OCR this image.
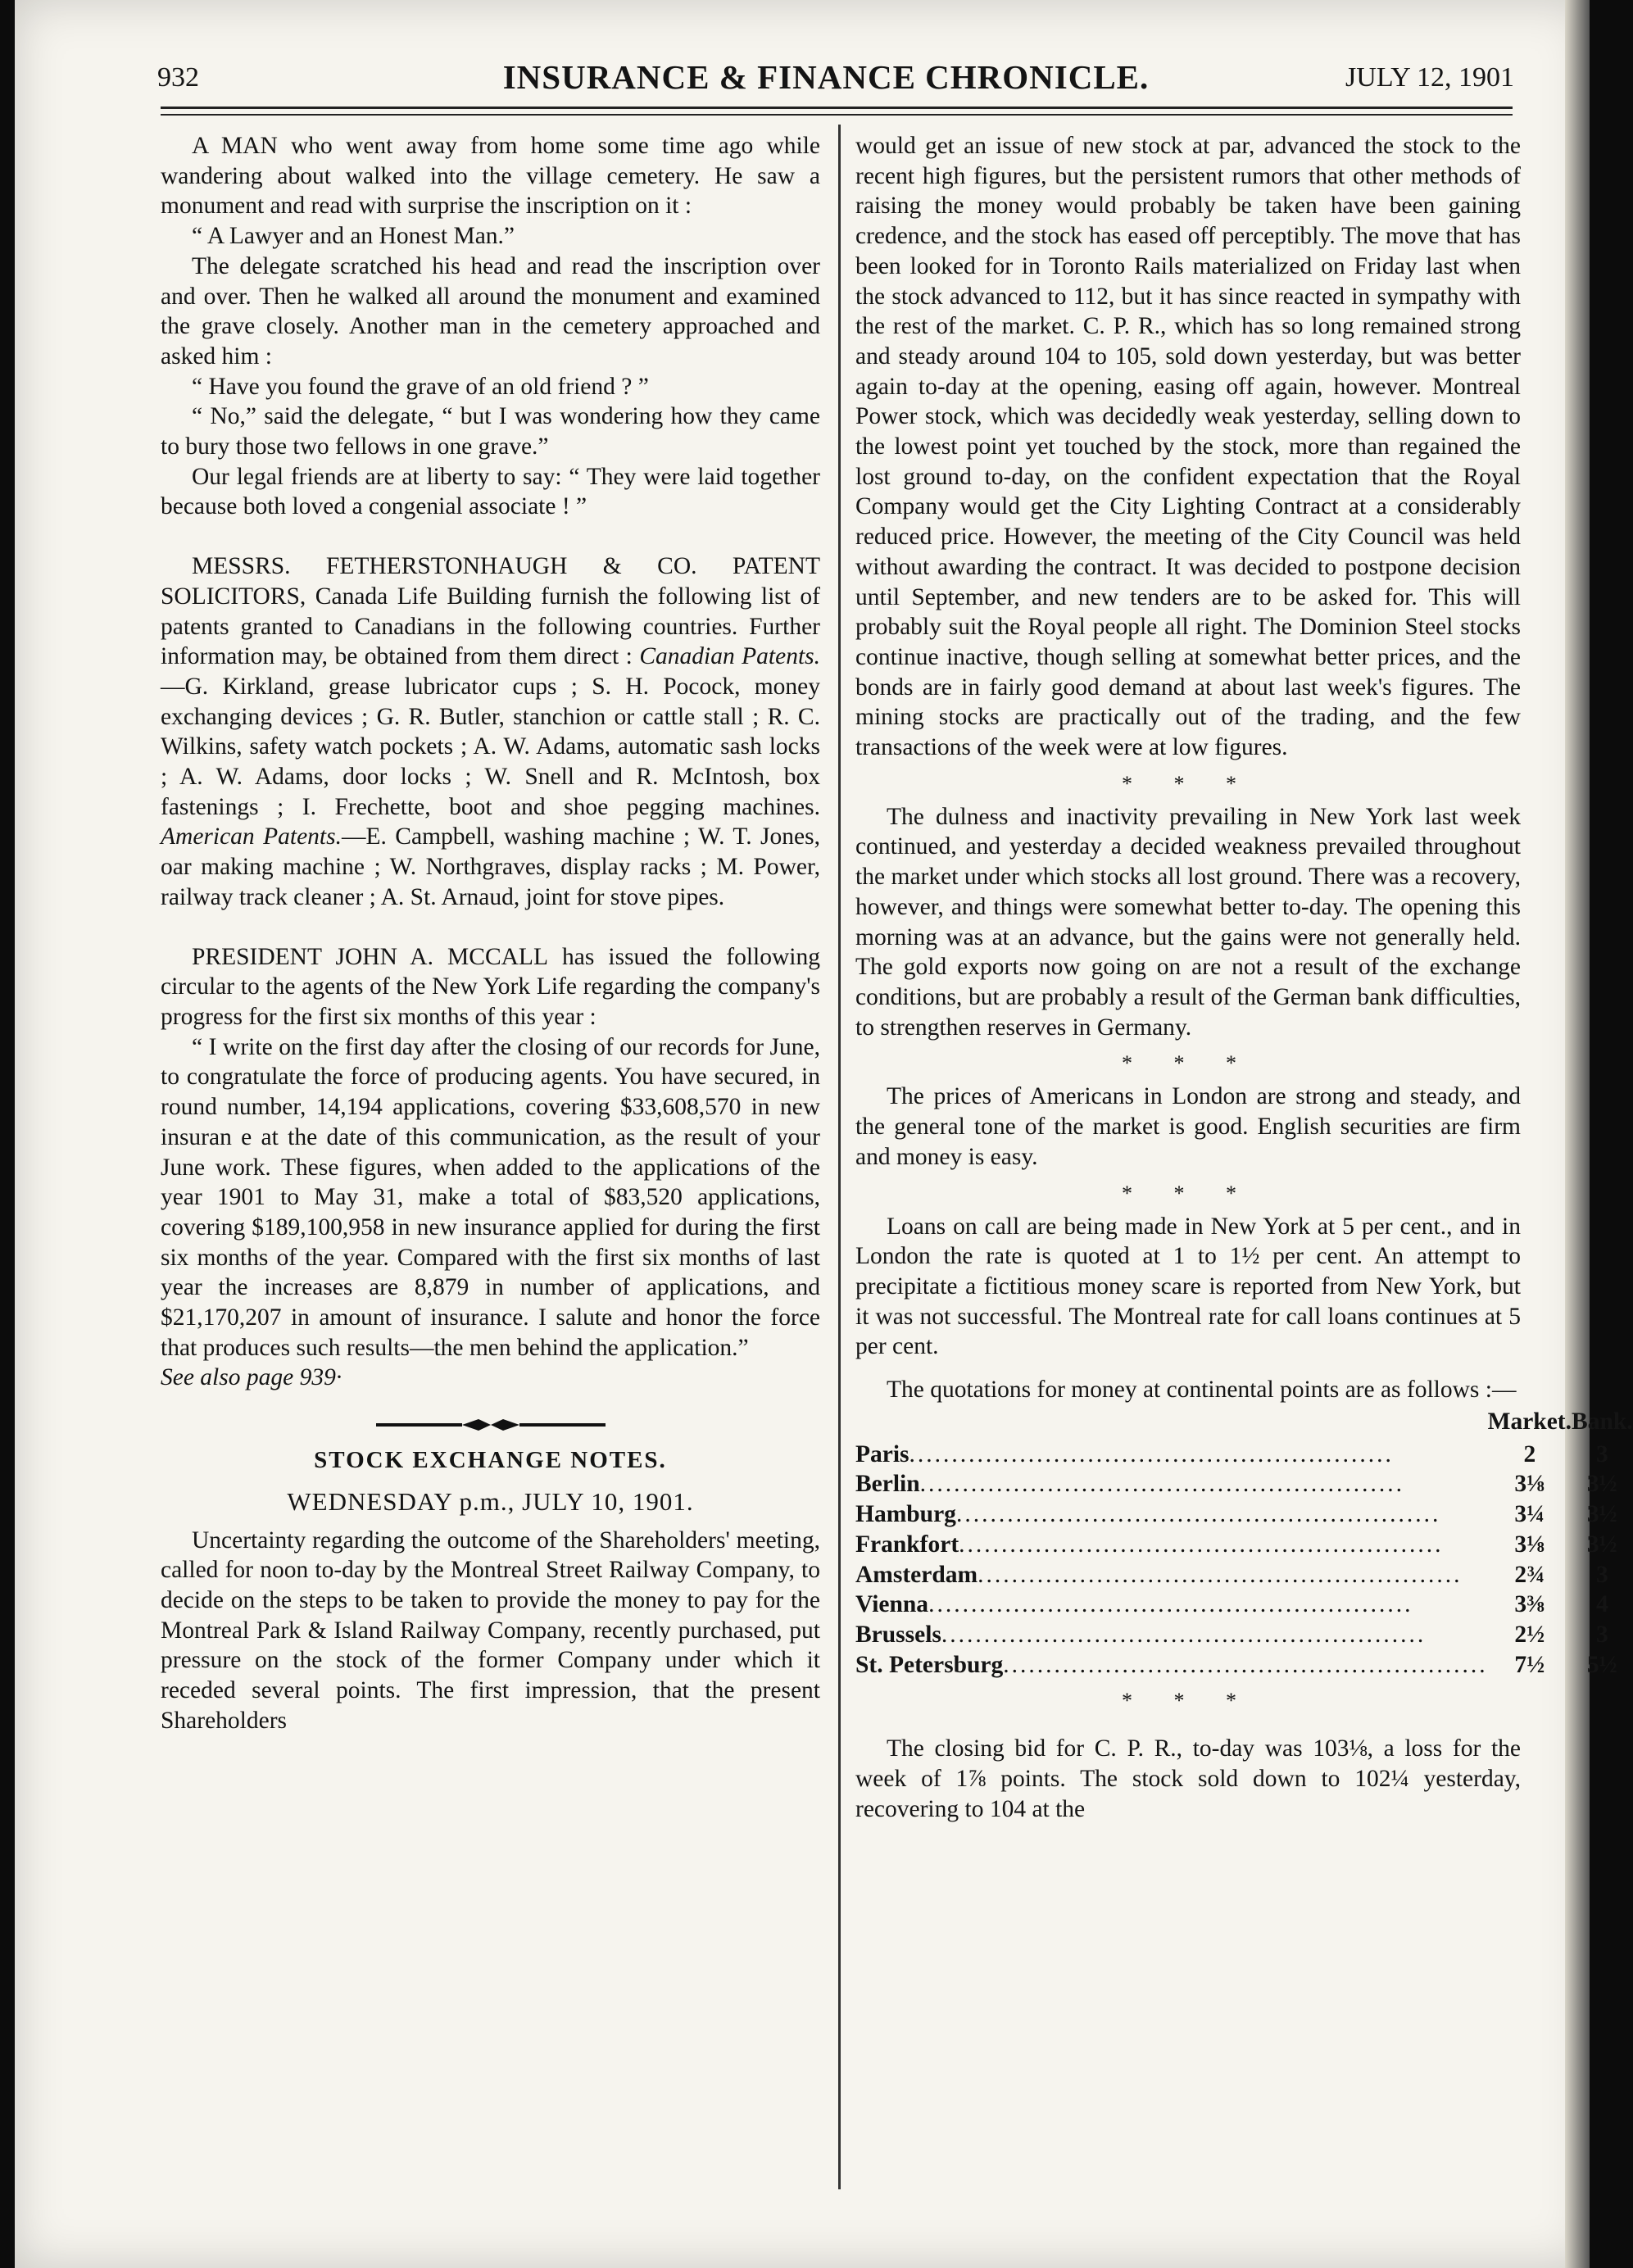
932	INSURANCE & FINANCE CHRONICLE.	JULY 12, 1901

A MAN who went away from home some time ago while wandering about walked into the village cemetery. He saw a monument and read with surprise the inscription on it :

“ A Lawyer and an Honest Man.”

The delegate scratched his head and read the inscription over and over. Then he walked all around the monument and examined the grave closely. Another man in the cemetery approached and asked him :

“ Have you found the grave of an old friend ? ”

“ No,” said the delegate, “ but I was wondering how they came to bury those two fellows in one grave.”

Our legal friends are at liberty to say: “ They were laid together because both loved a congenial associate ! ”

MESSRS. FETHERSTONHAUGH & CO. PATENT SOLICITORS, Canada Life Building furnish the following list of patents granted to Canadians in the following countries. Further information may, be obtained from them direct : Canadian Patents.—G. Kirkland, grease lubricator cups ; S. H. Pocock, money exchanging devices ; G. R. Butler, stanchion or cattle stall ; R. C. Wilkins, safety watch pockets ; A. W. Adams, automatic sash locks ; A. W. Adams, door locks ; W. Snell and R. McIntosh, box fastenings ; I. Frechette, boot and shoe pegging machines. American Patents.—E. Campbell, washing machine ; W. T. Jones, oar making machine ; W. Northgraves, display racks ; M. Power, railway track cleaner ; A. St. Arnaud, joint for stove pipes.

PRESIDENT JOHN A. MCCALL has issued the following circular to the agents of the New York Life regarding the company's progress for the first six months of this year :

“ I write on the first day after the closing of our records for June, to congratulate the force of producing agents. You have secured, in round number, 14,194 applications, covering $33,608,570 in new insuran e at the date of this communication, as the result of your June work. These figures, when added to the applications of the year 1901 to May 31, make a total of $83,520 applications, covering $189,100,958 in new insurance applied for during the first six months of the year. Compared with the first six months of last year the increases are 8,879 in number of applications, and $21,170,207 in amount of insurance. I salute and honor the force that produces such results—the men behind the application.”

See also page 939·

STOCK EXCHANGE NOTES.
WEDNESDAY p.m., JULY 10, 1901.

Uncertainty regarding the outcome of the Shareholders' meeting, called for noon to-day by the Montreal Street Railway Company, to decide on the steps to be taken to provide the money to pay for the Montreal Park & Island Railway Company, recently purchased, put pressure on the stock of the former Company under which it receded several points. The first impression, that the present Shareholders

would get an issue of new stock at par, advanced the stock to the recent high figures, but the persistent rumors that other methods of raising the money would probably be taken have been gaining credence, and the stock has eased off perceptibly. The move that has been looked for in Toronto Rails materialized on Friday last when the stock advanced to 112, but it has since reacted in sympathy with the rest of the market. C. P. R., which has so long remained strong and steady around 104 to 105, sold down yesterday, but was better again to-day at the opening, easing off again, however. Montreal Power stock, which was decidedly weak yesterday, selling down to the lowest point yet touched by the stock, more than regained the lost ground to-day, on the confident expectation that the Royal Company would get the City Lighting Contract at a considerably reduced price. However, the meeting of the City Council was held without awarding the contract. It was decided to postpone decision until September, and new tenders are to be asked for. This will probably suit the Royal people all right. The Dominion Steel stocks continue inactive, though selling at somewhat better prices, and the bonds are in fairly good demand at about last week's figures. The mining stocks are practically out of the trading, and the few transactions of the week were at low figures.

* * *

The dulness and inactivity prevailing in New York last week continued, and yesterday a decided weakness prevailed throughout the market under which stocks all lost ground. There was a recovery, however, and things were somewhat better to-day. The opening this morning was at an advance, but the gains were not generally held. The gold exports now going on are not a result of the exchange conditions, but are probably a result of the German bank difficulties, to strengthen reserves in Germany.

* * *

The prices of Americans in London are strong and steady, and the general tone of the market is good. English securities are firm and money is easy.

* * *

Loans on call are being made in New York at 5 per cent., and in London the rate is quoted at 1 to 1½ per cent. An attempt to precipitate a fictitious money scare is reported from New York, but it was not successful. The Montreal rate for call loans continues at 5 per cent.

The quotations for money at continental points are as follows :—

	Market.	Bank.
Paris.........................................................	2	3
Berlin.........................................................	3⅛	3½
Hamburg.........................................................	3¼	3½
Frankfort.........................................................	3⅛	3½
Amsterdam.........................................................	2¾	3
Vienna.........................................................	3⅜	4
Brussels.........................................................	2½	3
St. Petersburg.........................................................	7½	5½
* * *

The closing bid for C. P. R., to-day was 103⅛, a loss for the week of 1⅞ points. The stock sold down to 102¼ yesterday, recovering to 104 at the
